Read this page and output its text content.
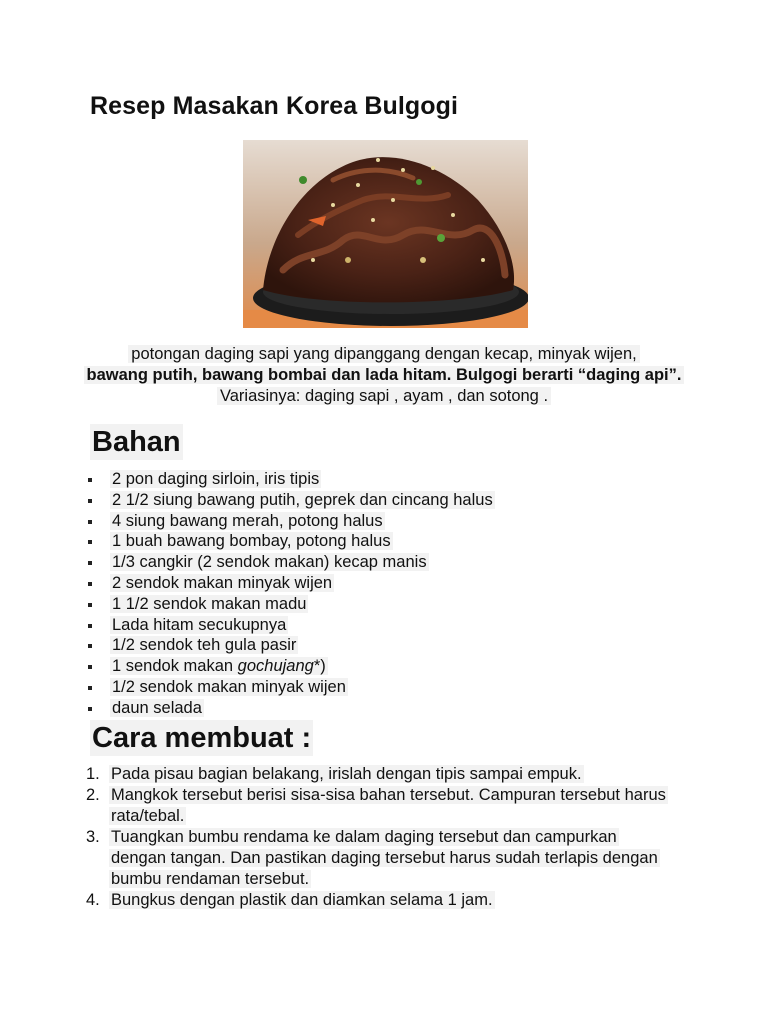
Resep Masakan Korea Bulgogi
potongan daging sapi yang dipanggang dengan kecap, minyak wijen,
bawang putih, bawang bombai dan lada hitam. Bulgogi berarti “daging api”.
Variasinya: daging sapi , ayam , dan sotong .
Bahan
2 pon daging sirloin, iris tipis
2 1/2 siung bawang putih, geprek dan cincang halus
4 siung bawang merah, potong halus
1 buah bawang bombay, potong halus
1/3 cangkir (2 sendok makan) kecap manis
2 sendok makan minyak wijen
1 1/2 sendok makan madu
Lada hitam secukupnya
1/2 sendok teh gula pasir
1 sendok makan gochujang*)
1/2 sendok makan minyak wijen
daun selada
Cara membuat :
1. Pada pisau bagian belakang, irislah dengan tipis sampai empuk.
2. Mangkok tersebut berisi sisa-sisa bahan tersebut. Campuran tersebut harus rata/tebal.
3. Tuangkan bumbu rendama ke dalam daging tersebut dan campurkan dengan tangan. Dan pastikan daging tersebut harus sudah terlapis dengan bumbu rendaman tersebut.
4. Bungkus dengan plastik dan diamkan selama 1 jam.
